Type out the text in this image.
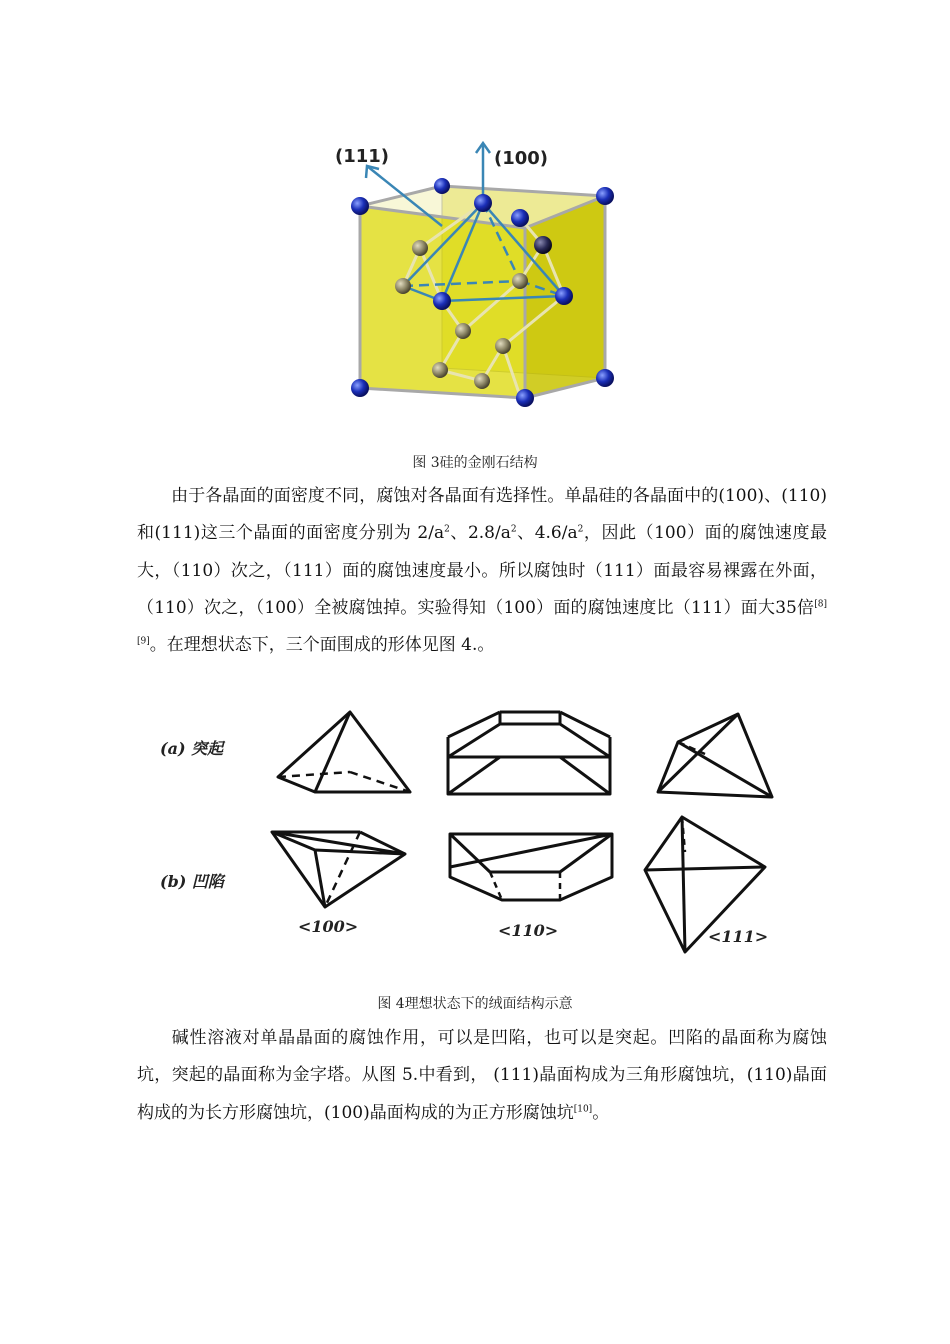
(111)	(100)
图 3硅的金刚石结构

由于各晶面的面密度不同，腐蚀对各晶面有选择性。单晶硅的各晶面中的(100)、(110)和(111)这三个晶面的面密度分别为 $2/a^2$、$2.8/a^2$、$4.6/a^2$，因此（100）面的腐蚀速度最大，（110）次之，（111）面的腐蚀速度最小。所以腐蚀时（111）面最容易裸露在外面，（110）次之，（100）全被腐蚀掉。实验得知（100）面的腐蚀速度比（111）面大35倍[8][9]。在理想状态下，三个面围成的形体见图 4.。

(a) 突起
(b) 凹陷
<100>	<110>	<111>
图 4理想状态下的绒面结构示意

碱性溶液对单晶晶面的腐蚀作用，可以是凹陷，也可以是突起。凹陷的晶面称为腐蚀坑，突起的晶面称为金字塔。从图 5.中看到， (111)晶面构成为三角形腐蚀坑，(110)晶面构成的为长方形腐蚀坑，(100)晶面构成的为正方形腐蚀坑[10]。
